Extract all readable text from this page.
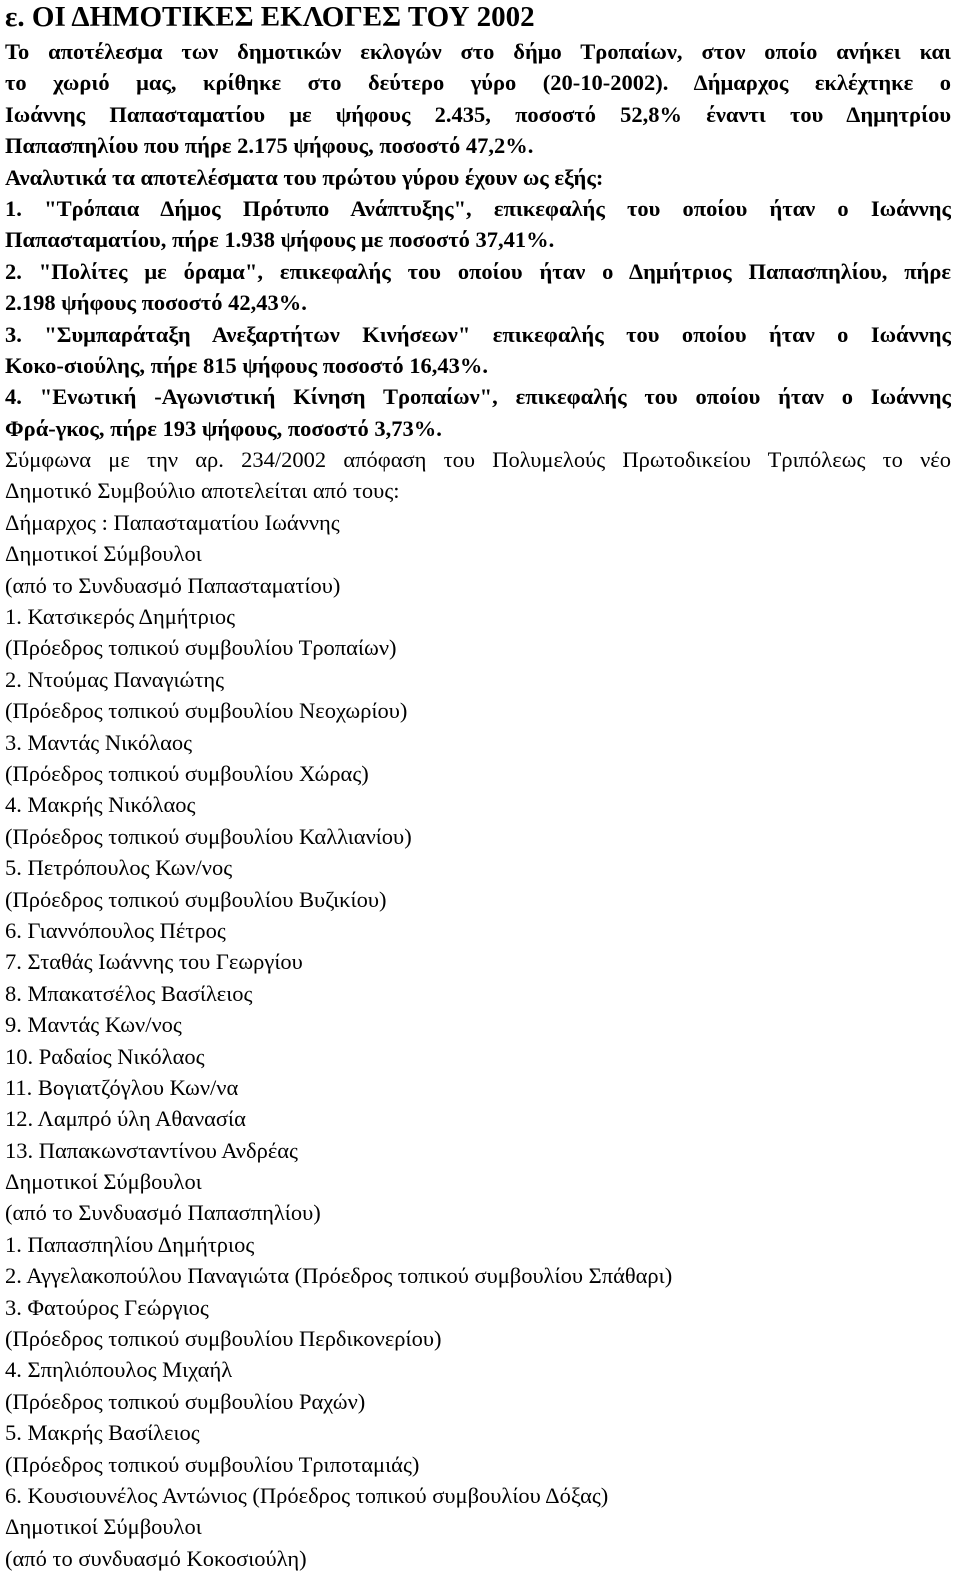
ε. ΟΙ ΔΗΜΟΤΙΚΕΣ ΕΚΛΟΓΕΣ ΤΟΥ 2002
Το αποτέλεσμα των δημοτικών εκλογών στο δήμο Τροπαίων, στον οποίο ανήκει και
το χωριό μας, κρίθηκε στο δεύτερο γύρο (20-10-2002). Δήμαρχος εκλέχτηκε ο
Ιωάννης Παπασταματίου με ψήφους 2.435, ποσοστό 52,8% έναντι του Δημητρίου
Παπασπηλίου που πήρε 2.175 ψήφους, ποσοστό 47,2%.
Αναλυτικά τα αποτελέσματα του πρώτου γύρου έχουν ως εξής:
1. "Τρόπαια Δήμος Πρότυπο Ανάπτυξης", επικεφαλής του οποίου ήταν ο Ιωάννης
Παπασταματίου, πήρε 1.938 ψήφους με ποσοστό 37,41%.
2. "Πολίτες με όραμα", επικεφαλής του οποίου ήταν ο Δημήτριος Παπασπηλίου, πήρε
2.198 ψήφους ποσοστό 42,43%.
3. "Συμπαράταξη Ανεξαρτήτων Κινήσεων" επικεφαλής του οποίου ήταν ο Ιωάννης
Κοκο-σιούλης, πήρε 815 ψήφους ποσοστό 16,43%.
4. "Ενωτική -Αγωνιστική Κίνηση Τροπαίων", επικεφαλής του οποίου ήταν ο Ιωάννης
Φρά-γκος, πήρε 193 ψήφους, ποσοστό 3,73%.
Σύμφωνα με την αρ. 234/2002 απόφαση του Πολυμελούς Πρωτοδικείου Τριπόλεως το νέο
Δημοτικό Συμβούλιο αποτελείται από τους:
Δήμαρχος : Παπασταματίου Ιωάννης
Δημοτικοί Σύμβουλοι
(από το Συνδυασμό Παπασταματίου)
1. Κατσικερός Δημήτριος
(Πρόεδρος τοπικού συμβουλίου Τροπαίων)
2. Ντούμας Παναγιώτης
(Πρόεδρος τοπικού συμβουλίου Νεοχωρίου)
3. Μαντάς Νικόλαος
(Πρόεδρος τοπικού συμβουλίου Χώρας)
4. Μακρής Νικόλαος
(Πρόεδρος τοπικού συμβουλίου Καλλιανίου)
5. Πετρόπουλος Κων/νος
(Πρόεδρος τοπικού συμβουλίου Βυζικίου)
6. Γιαννόπουλος Πέτρος
7. Σταθάς Ιωάννης του Γεωργίου
8. Μπακατσέλος Βασίλειος
9. Μαντάς Κων/νος
10. Ραδαίος Νικόλαος
11. Βογιατζόγλου Κων/να
12. Λαμπρό ύλη Αθανασία
13. Παπακωνσταντίνου Ανδρέας
Δημοτικοί Σύμβουλοι
(από το Συνδυασμό Παπασπηλίου)
1. Παπασπηλίου Δημήτριος
2. Αγγελακοπούλου Παναγιώτα (Πρόεδρος τοπικού συμβουλίου Σπάθαρι)
3. Φατούρος Γεώργιος
(Πρόεδρος τοπικού συμβουλίου Περδικονερίου)
4. Σπηλιόπουλος Μιχαήλ
(Πρόεδρος τοπικού συμβουλίου Ραχών)
5. Μακρής Βασίλειος
(Πρόεδρος τοπικού συμβουλίου Τριποταμιάς)
6. Κουσιουνέλος Αντώνιος (Πρόεδρος τοπικού συμβουλίου Δόξας)
Δημοτικοί Σύμβουλοι
(από το συνδυασμό Κοκοσιούλη)
